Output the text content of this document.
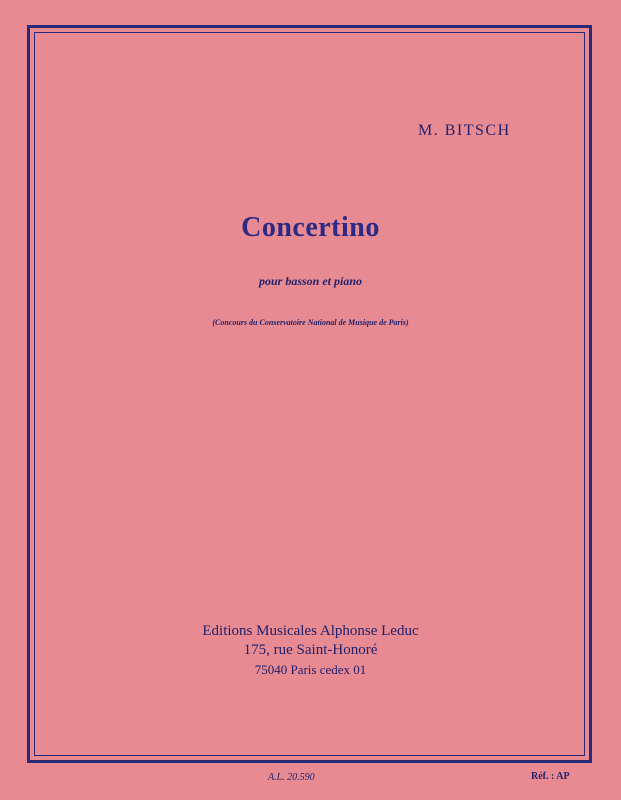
M. BITSCH
Concertino
pour basson et piano
(Concours du Conservatoire National de Musique de Paris)
Editions Musicales Alphonse Leduc
175, rue Saint-Honoré
75040 Paris cedex 01
A.L. 20.590	Réf. : AP
